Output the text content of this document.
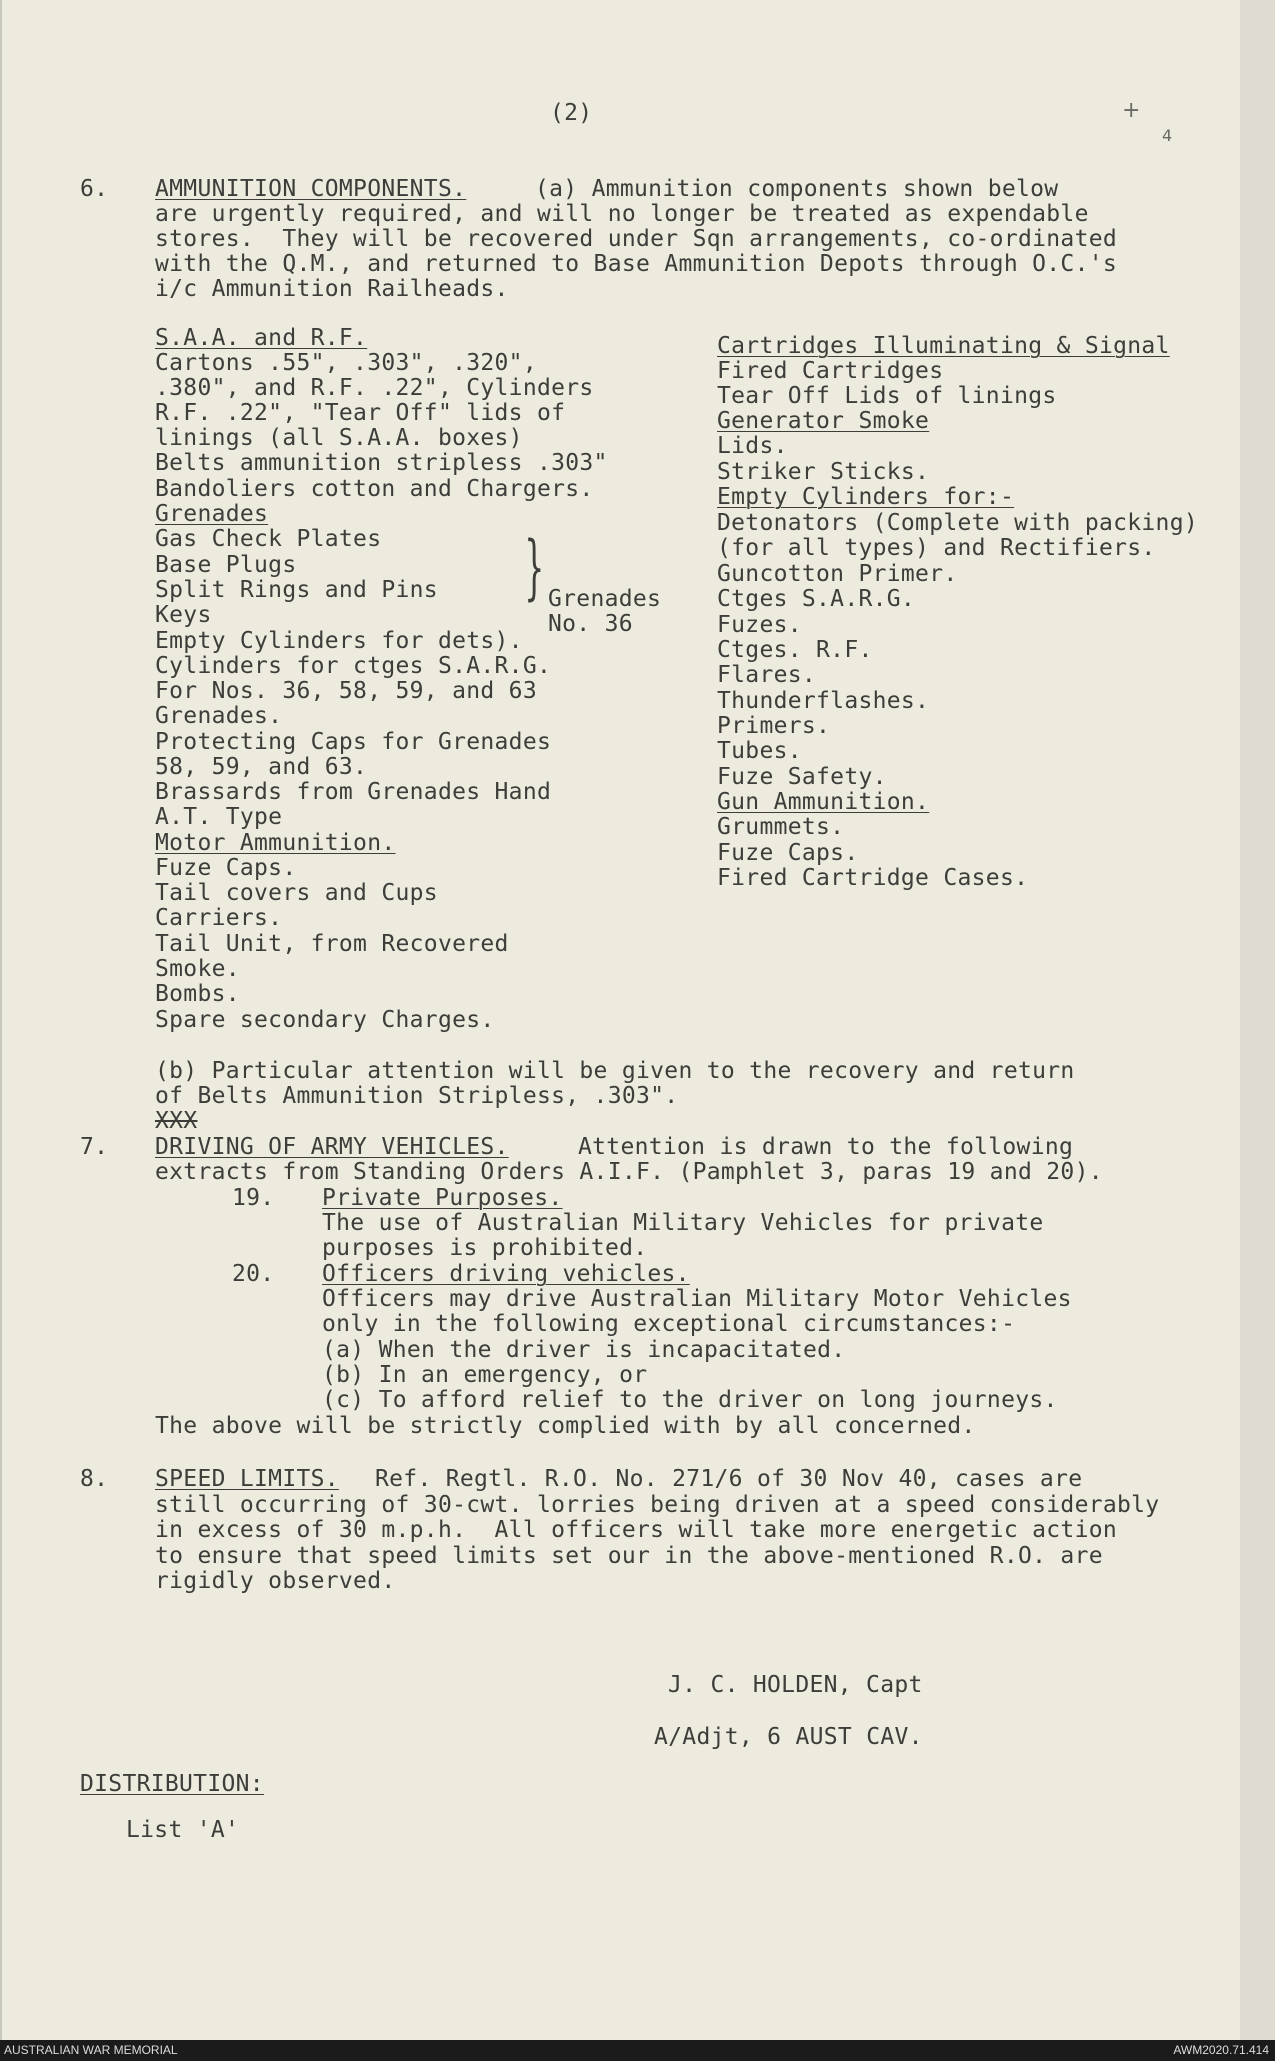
(2)	+
4
6. AMMUNITION COMPONENTS.	(a) Ammunition components shown below
are urgently required, and will no longer be treated as expendable
stores.  They will be recovered under Sqn arrangements, co-ordinated
with the Q.M., and returned to Base Ammunition Depots through O.C.'s
i/c Ammunition Railheads.
S.A.A. and R.F.
Cartons .55", .303", .320",
.380", and R.F. .22", Cylinders
R.F. .22", "Tear Off" lids of
linings (all S.A.A. boxes)
Belts ammunition stripless .303"
Bandoliers cotton and Chargers.
Grenades
Gas Check Plates
Base Plugs
Split Rings and Pins
Keys
Empty Cylinders for dets).
Cylinders for ctges S.A.R.G.
For Nos. 36, 58, 59, and 63
Grenades.
Protecting Caps for Grenades
58, 59, and 63.
Brassards from Grenades Hand
A.T. Type
Motor Ammunition.
Fuze Caps.
Tail covers and Cups
Carriers.
Tail Unit, from Recovered
Smoke.
Bombs.
Spare secondary Charges.
} Grenades
No. 36
Cartridges Illuminating & Signal
Fired Cartridges
Tear Off Lids of linings
Generator Smoke
Lids.
Striker Sticks.
Empty Cylinders for:-
Detonators (Complete with packing)
(for all types) and Rectifiers.
Guncotton Primer.
Ctges S.A.R.G.
Fuzes.
Ctges. R.F.
Flares.
Thunderflashes.
Primers.
Tubes.
Fuze Safety.
Gun Ammunition.
Grummets.
Fuze Caps.
Fired Cartridge Cases.
(b) Particular attention will be given to the recovery and return
of Belts Ammunition Stripless, .303".
XXX
7. DRIVING OF ARMY VEHICLES.	Attention is drawn to the following
extracts from Standing Orders A.I.F. (Pamphlet 3, paras 19 and 20).
19. Private Purposes.
The use of Australian Military Vehicles for private
purposes is prohibited.
20. Officers driving vehicles.
Officers may drive Australian Military Motor Vehicles
only in the following exceptional circumstances:-
(a) When the driver is incapacitated.
(b) In an emergency, or
(c) To afford relief to the driver on long journeys.
The above will be strictly complied with by all concerned.
8. SPEED LIMITS. Ref. Regtl. R.O. No. 271/6 of 30 Nov 40, cases are
still occurring of 30-cwt. lorries being driven at a speed considerably
in excess of 30 m.p.h.  All officers will take more energetic action
to ensure that speed limits set our in the above-mentioned R.O. are
rigidly observed.
J. C. HOLDEN, Capt
A/Adjt, 6 AUST CAV.
DISTRIBUTION:
List 'A'
AUSTRALIAN WAR MEMORIAL	AWM2020.71.414
